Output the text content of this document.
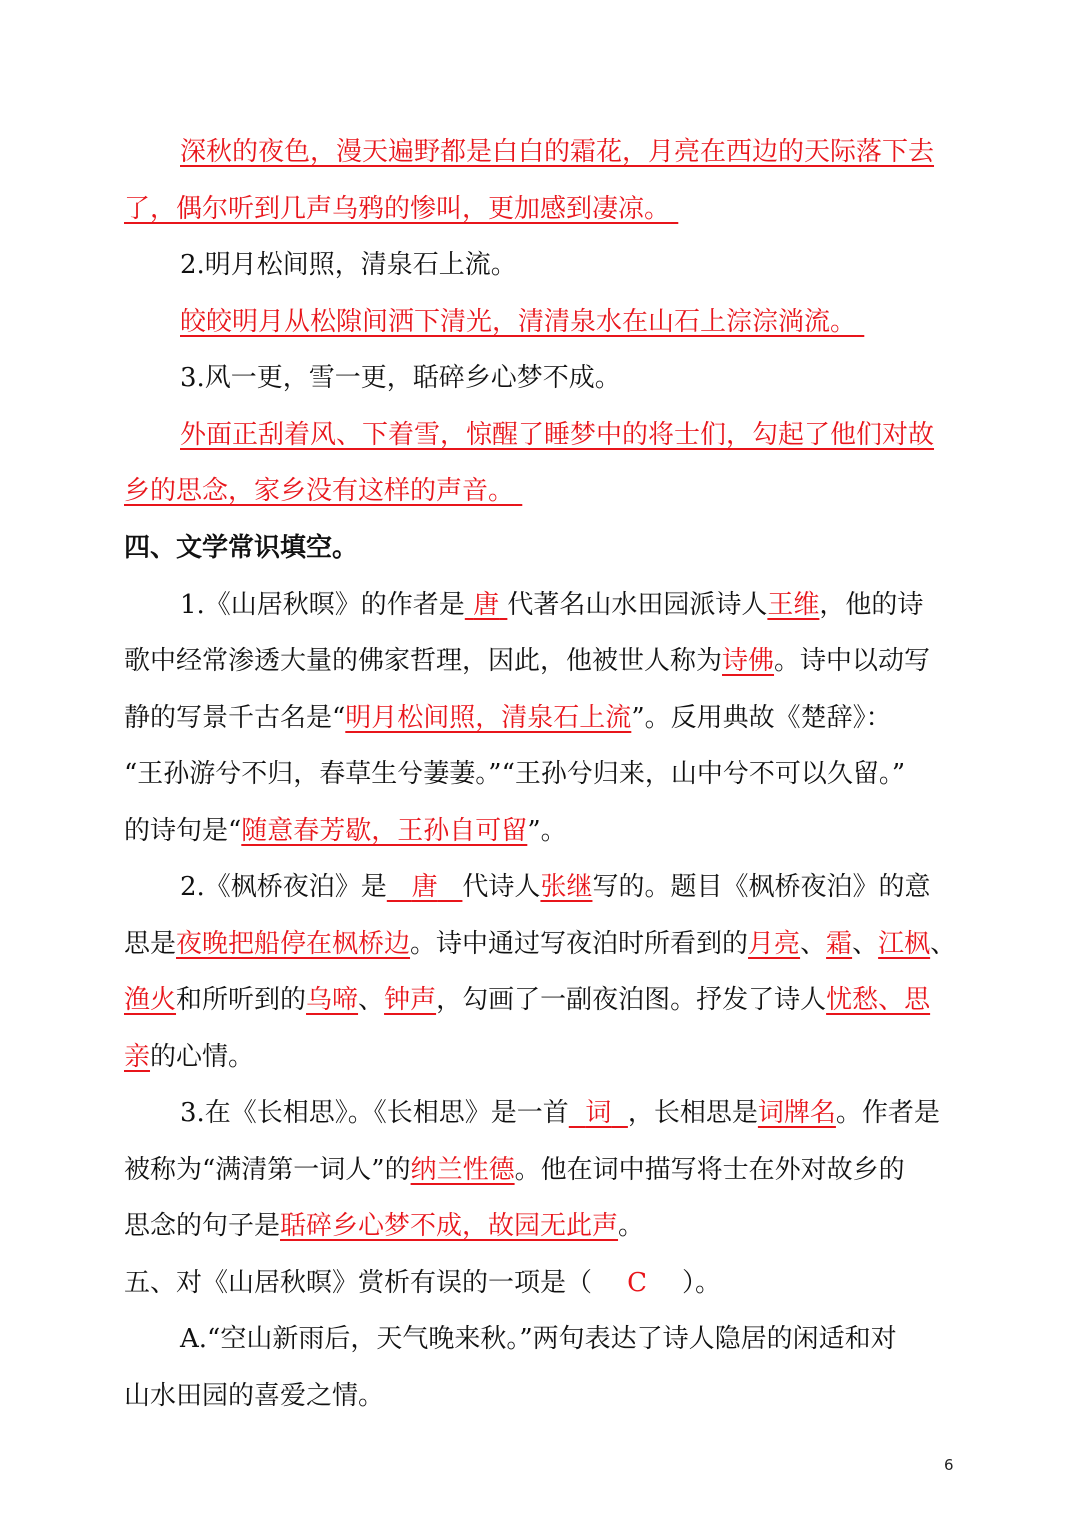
深秋的夜色，漫天遍野都是白白的霜花，月亮在西边的天际落下去
了，偶尔听到几声乌鸦的惨叫，更加感到凄凉。
2.明月松间照，清泉石上流。
皎皎明月从松隙间洒下清光，清清泉水在山石上淙淙淌流。
3.风一更，雪一更，聒碎乡心梦不成。
外面正刮着风、下着雪，惊醒了睡梦中的将士们，勾起了他们对故
乡的思念，家乡没有这样的声音。
四、文学常识填空。
1.《山居秋暝》的作者是 唐 代著名山水田园派诗人王维，他的诗
歌中经常渗透大量的佛家哲理，因此，他被世人称为诗佛。诗中以动写
静的写景千古名是“明月松间照，清泉石上流”。反用典故《楚辞》：
“王孙游兮不归，春草生兮萋萋。”“王孙兮归来，山中兮不可以久留。”
的诗句是“随意春芳歇，王孙自可留”。
2.《枫桥夜泊》是 唐 代诗人张继写的。题目《枫桥夜泊》的意
思是夜晚把船停在枫桥边。诗中通过写夜泊时所看到的月亮、霜、江枫、
渔火和所听到的乌啼、钟声，勾画了一副夜泊图。抒发了诗人忧愁、思
亲的心情。
3.在《长相思》。《长相思》是一首 词 ，长相思是词牌名。作者是
被称为“满清第一词人”的纳兰性德。他在词中描写将士在外对故乡的
思念的句子是聒碎乡心梦不成，故园无此声。
五、对《山居秋暝》赏析有误的一项是（ C ）。
A.“空山新雨后，天气晚来秋。”两句表达了诗人隐居的闲适和对
山水田园的喜爱之情。
6
